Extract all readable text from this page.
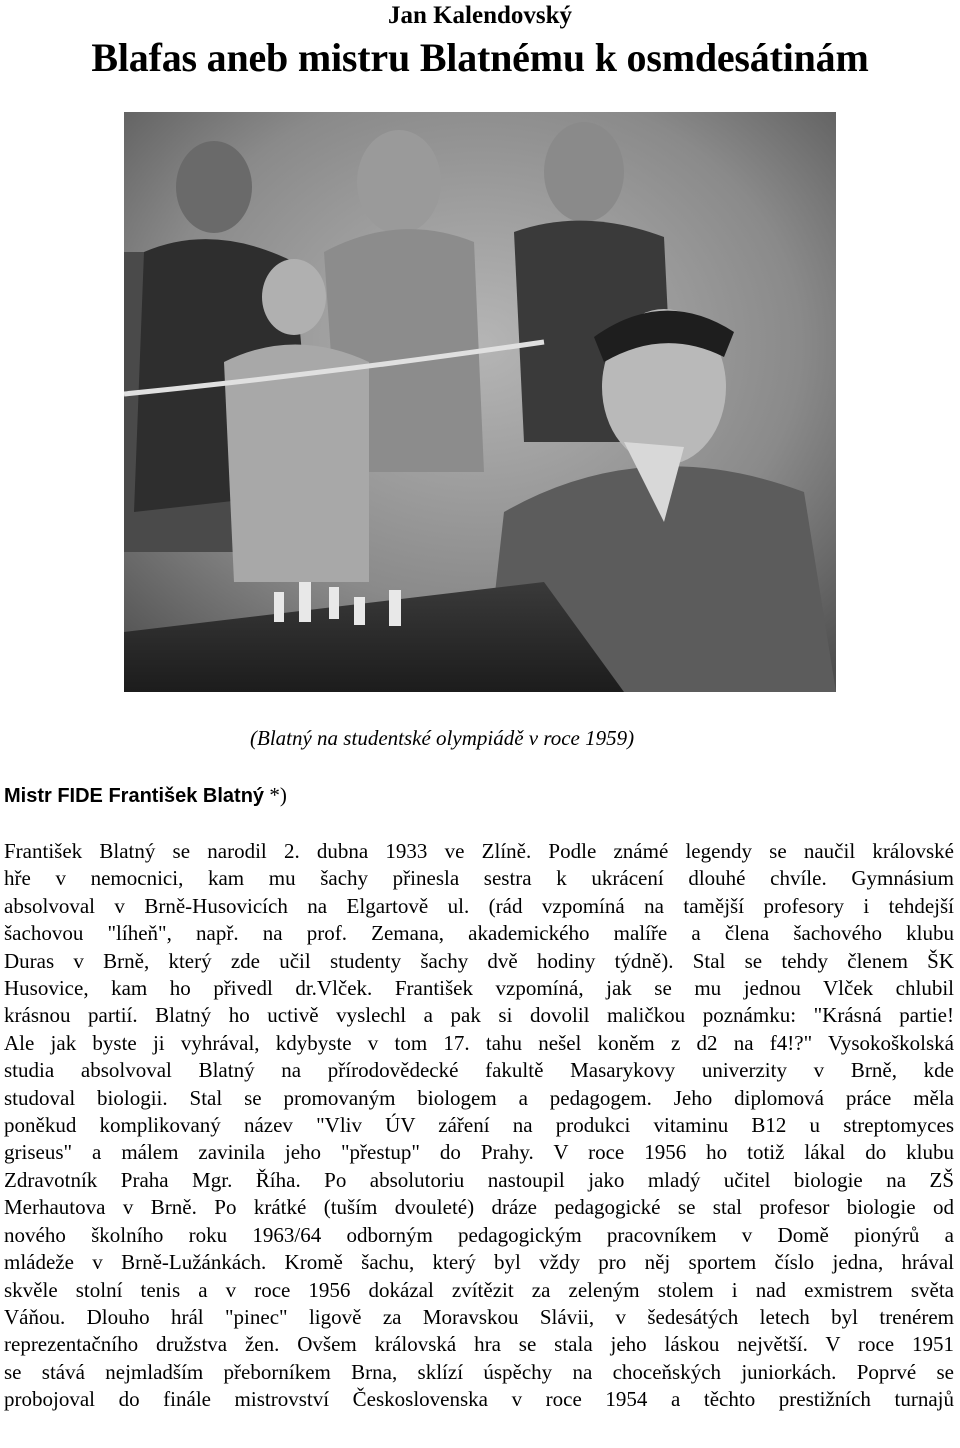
Jan Kalendovský
Blafas aneb mistru Blatnému k osmdesátinám
(Blatný na studentské olympiádě v roce 1959)
Mistr FIDE František Blatný *)
František Blatný se narodil 2. dubna 1933 ve Zlíně. Podle známé legendy se naučil královské
hře v nemocnici, kam mu šachy přinesla sestra k ukrácení dlouhé chvíle. Gymnásium
absolvoval v Brně-Husovicích na Elgartově ul. (rád vzpomíná na tamější profesory i tehdejší
šachovou "líheň", např. na prof. Zemana, akademického malíře a člena šachového klubu
Duras v Brně, který zde učil studenty šachy dvě hodiny týdně). Stal se tehdy členem ŠK
Husovice, kam ho přivedl dr.Vlček. František vzpomíná, jak se mu jednou Vlček chlubil
krásnou partií. Blatný ho uctivě vyslechl a pak si dovolil maličkou poznámku: "Krásná partie!
Ale jak byste ji vyhrával, kdybyste v tom 17. tahu nešel koněm z d2 na f4!?" Vysokoškolská
studia absolvoval Blatný na přírodovědecké fakultě Masarykovy univerzity v Brně, kde
studoval biologii. Stal se promovaným biologem a pedagogem. Jeho diplomová práce měla
poněkud komplikovaný název "Vliv ÚV záření na produkci vitaminu B12 u streptomyces
griseus" a málem zavinila jeho "přestup" do Prahy. V roce 1956 ho totiž lákal do klubu
Zdravotník Praha Mgr. Říha. Po absolutoriu nastoupil jako mladý učitel biologie na ZŠ
Merhautova v Brně. Po krátké (tuším dvouleté) dráze pedagogické se stal profesor biologie od
nového školního roku 1963/64 odborným pedagogickým pracovníkem v Domě pionýrů a
mládeže v Brně-Lužánkách. Kromě šachu, který byl vždy pro něj sportem číslo jedna, hrával
skvěle stolní tenis a v roce 1956 dokázal zvítězit za zeleným stolem i nad exmistrem světa
Váňou. Dlouho hrál "pinec" ligově za Moravskou Slávii, v šedesátých letech byl trenérem
reprezentačního družstva žen. Ovšem královská hra se stala jeho láskou největší. V roce 1951
se stává nejmladším přeborníkem Brna, sklízí úspěchy na choceňských juniorkách. Poprvé se
probojoval do finále mistrovství Československa v roce 1954 a těchto prestižních turnajů
